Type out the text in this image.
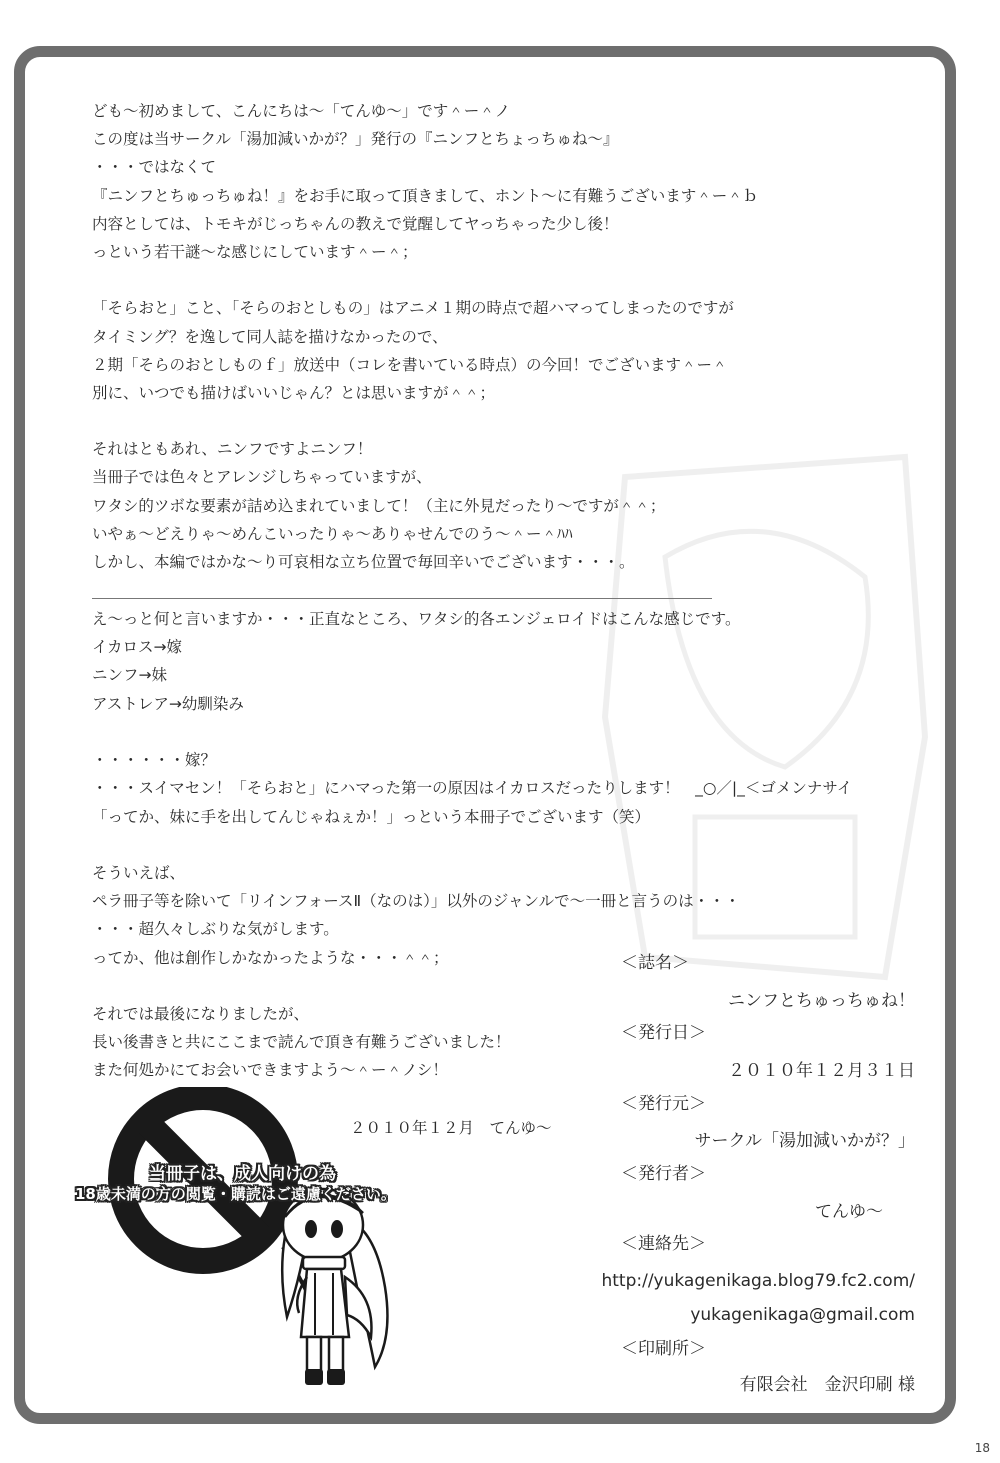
ども〜初めまして、こんにちは〜「てんゆ〜」です＾ー＾ノ
この度は当サークル「湯加減いかが？」発行の『ニンフとちょっちゅね〜』
・・・ではなくて
『ニンフとちゅっちゅね！』をお手に取って頂きまして、ホント〜に有難うございます＾ー＾ｂ
内容としては、トモキがじっちゃんの教えで覚醒してヤっちゃった少し後！
っという若干謎〜な感じにしています＾ー＾；
「そらおと」こと、「そらのおとしもの」はアニメ１期の時点で超ハマってしまったのですが
タイミング？を逸して同人誌を描けなかったので、
２期「そらのおとしものｆ」放送中（コレを書いている時点）の今回！でございます＾ー＾
別に、いつでも描けばいいじゃん？とは思いますが＾＾；
それはともあれ、ニンフですよニンフ！
当冊子では色々とアレンジしちゃっていますが、
ワタシ的ツボな要素が詰め込まれていまして！（主に外見だったり〜ですが＾＾；
いやぁ〜どえりゃ〜めんこいったりゃ〜ありゃせんでのう〜＾ー＾ﾊﾊ
しかし、本編ではかな〜り可哀相な立ち位置で毎回辛いでございます・・・。
え〜っと何と言いますか・・・正直なところ、ワタシ的各エンジェロイドはこんな感じです。
イカロス→嫁
ニンフ→妹
アストレア→幼馴染み
・・・・・・嫁？
・・・スイマセン！「そらおと」にハマった第一の原因はイカロスだったりします！　_○／|_＜ゴメンナサイ
「ってか、妹に手を出してんじゃねぇか！」っという本冊子でございます（笑）
そういえば、
ペラ冊子等を除いて「リインフォースⅡ（なのは）」以外のジャンルで〜一冊と言うのは・・・
・・・超久々しぶりな気がします。
ってか、他は創作しかなかったような・・・＾＾；
それでは最後になりましたが、
長い後書きと共にここまで読んで頂き有難うございました！
また何処かにてお会いできますよう〜＾ー＾ノシ！
２０１０年１２月　てんゆ〜
＜誌名＞
ニンフとちゅっちゅね！
＜発行日＞
２０１０年１２月３１日
＜発行元＞
サークル「湯加減いかが？」
＜発行者＞
てんゆ〜
＜連絡先＞
http://yukagenikaga.blog79.fc2.com/
yukagenikaga@gmail.com
＜印刷所＞
有限会社　金沢印刷 様
当冊子は、成人向けの為
18歳未満の方の閲覧・購読はご遠慮ください。
18
